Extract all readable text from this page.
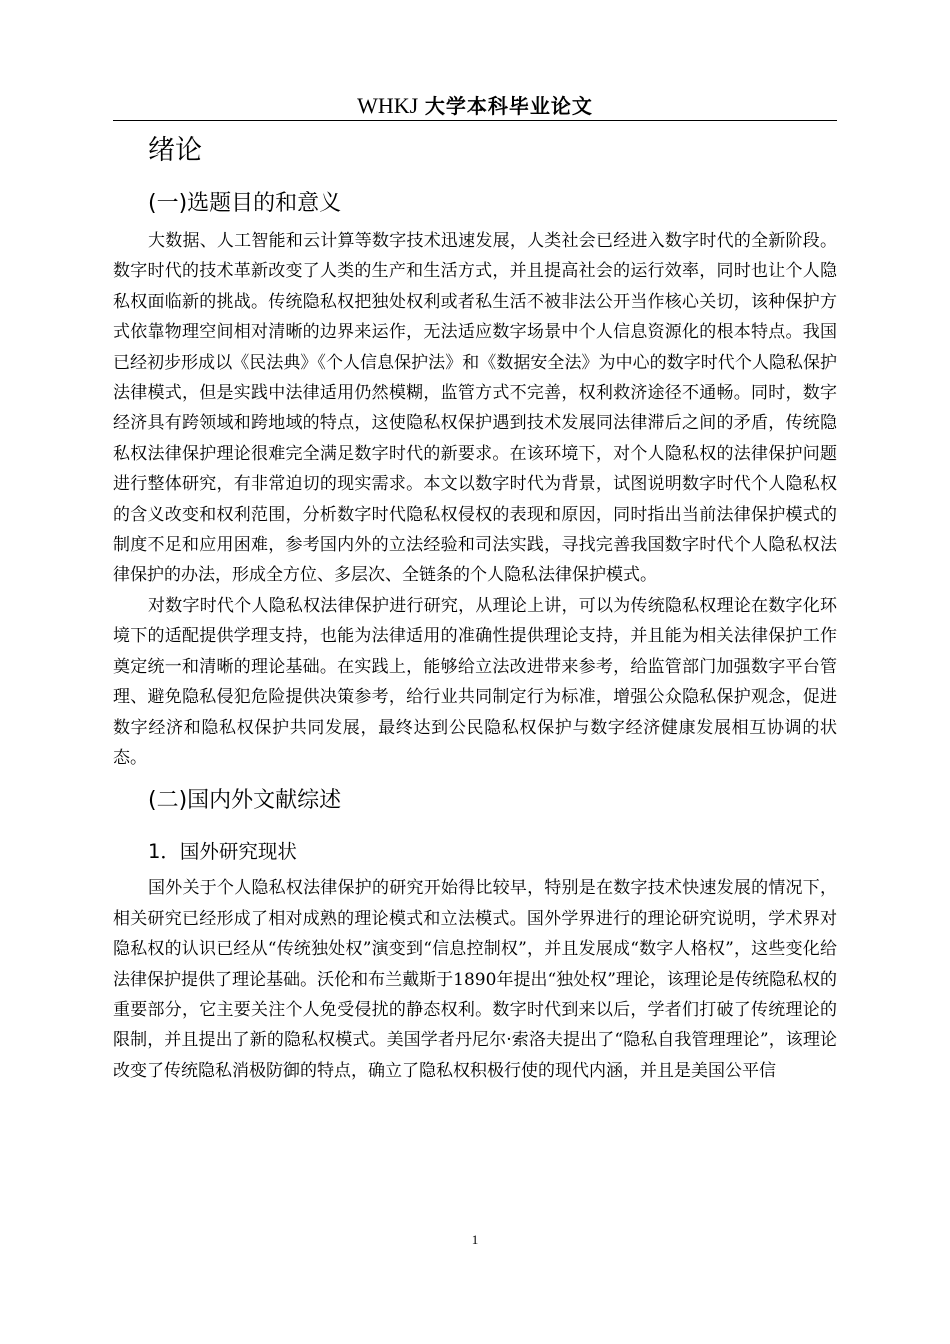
WHKJ 大学本科毕业论文
绪论
(一)选题目的和意义

大数据、人工智能和云计算等数字技术迅速发展，人类社会已经进入数字时代的全新阶段。数字时代的技术革新改变了人类的生产和生活方式，并且提高社会的运行效率，同时也让个人隐私权面临新的挑战。传统隐私权把独处权利或者私生活不被非法公开当作核心关切，该种保护方式依靠物理空间相对清晰的边界来运作，无法适应数字场景中个人信息资源化的根本特点。我国已经初步形成以《民法典》《个人信息保护法》和《数据安全法》为中心的数字时代个人隐私保护法律模式，但是实践中法律适用仍然模糊，监管方式不完善，权利救济途径不通畅。同时，数字经济具有跨领域和跨地域的特点，这使隐私权保护遇到技术发展同法律滞后之间的矛盾，传统隐私权法律保护理论很难完全满足数字时代的新要求。在该环境下，对个人隐私权的法律保护问题进行整体研究，有非常迫切的现实需求。本文以数字时代为背景，试图说明数字时代个人隐私权的含义改变和权利范围，分析数字时代隐私权侵权的表现和原因，同时指出当前法律保护模式的制度不足和应用困难，参考国内外的立法经验和司法实践，寻找完善我国数字时代个人隐私权法律保护的办法，形成全方位、多层次、全链条的个人隐私法律保护模式。

对数字时代个人隐私权法律保护进行研究，从理论上讲，可以为传统隐私权理论在数字化环境下的适配提供学理支持，也能为法律适用的准确性提供理论支持，并且能为相关法律保护工作奠定统一和清晰的理论基础。在实践上，能够给立法改进带来参考，给监管部门加强数字平台管理、避免隐私侵犯危险提供决策参考，给行业共同制定行为标准，增强公众隐私保护观念，促进数字经济和隐私权保护共同发展，最终达到公民隐私权保护与数字经济健康发展相互协调的状态。

(二)国内外文献综述
1．国外研究现状

国外关于个人隐私权法律保护的研究开始得比较早，特别是在数字技术快速发展的情况下，相关研究已经形成了相对成熟的理论模式和立法模式。国外学界进行的理论研究说明，学术界对隐私权的认识已经从“传统独处权”演变到“信息控制权”，并且发展成“数字人格权”，这些变化给法律保护提供了理论基础。沃伦和布兰戴斯于1890年提出“独处权”理论，该理论是传统隐私权的重要部分，它主要关注个人免受侵扰的静态权利。数字时代到来以后，学者们打破了传统理论的限制，并且提出了新的隐私权模式。美国学者丹尼尔·索洛夫提出了“隐私自我管理理论”，该理论改变了传统隐私消极防御的特点，确立了隐私权积极行使的现代内涵，并且是美国公平信

1
